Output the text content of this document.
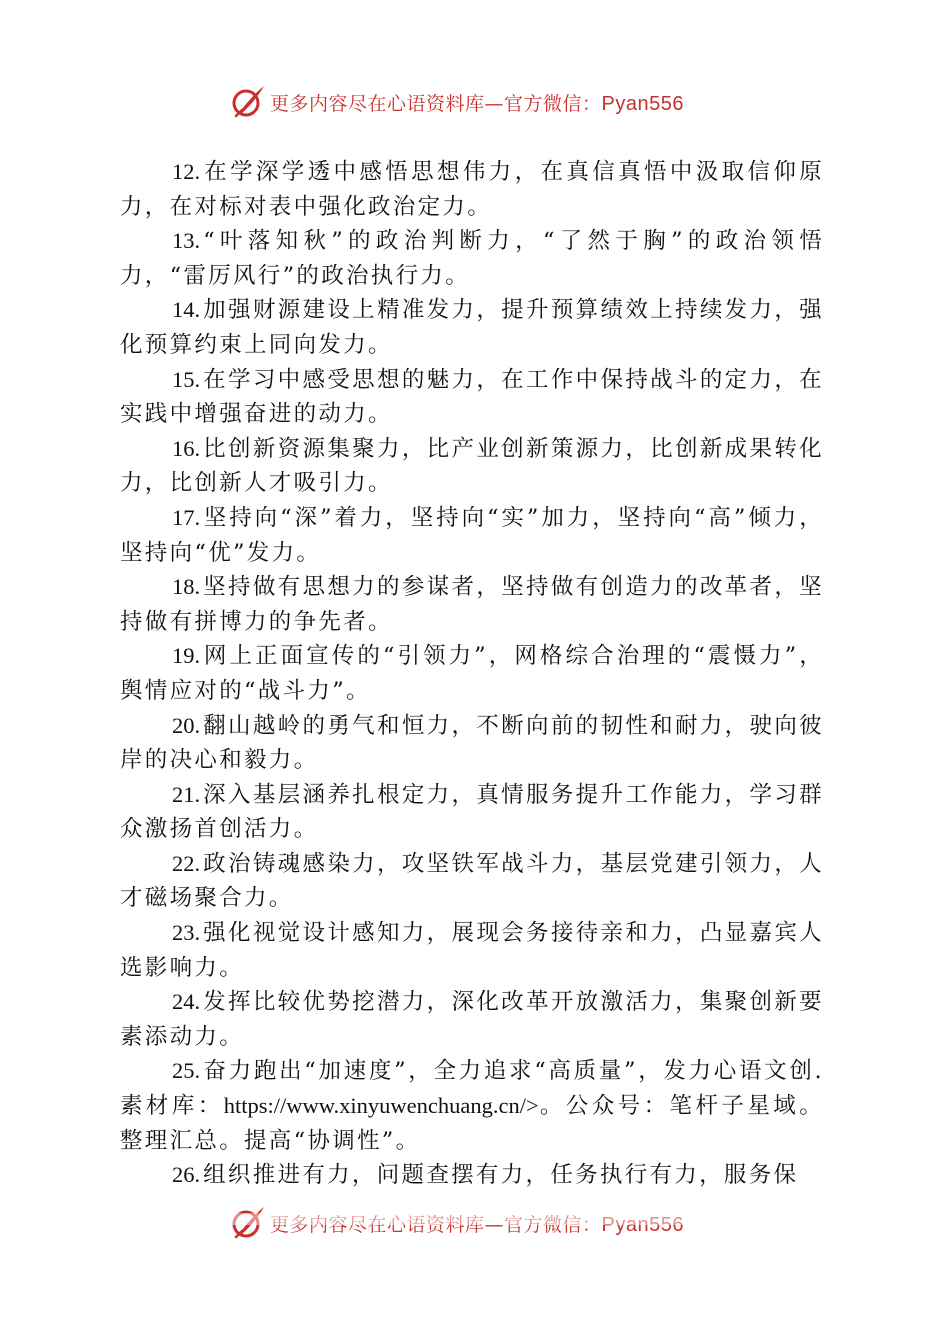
更多内容尽在心语资料库—官方微信：Pyan556

12. 在学深学透中感悟思想伟力，在真信真悟中汲取信仰原力，在对标对表中强化政治定力。

13. “叶落知秋”的政治判断力，“了然于胸”的政治领悟力，“雷厉风行”的政治执行力。

14. 加强财源建设上精准发力，提升预算绩效上持续发力，强化预算约束上同向发力。

15. 在学习中感受思想的魅力，在工作中保持战斗的定力，在实践中增强奋进的动力。

16. 比创新资源集聚力，比产业创新策源力，比创新成果转化力，比创新人才吸引力。

17. 坚持向“深”着力，坚持向“实”加力，坚持向“高”倾力，坚持向“优”发力。

18. 坚持做有思想力的参谋者，坚持做有创造力的改革者，坚持做有拼博力的争先者。

19. 网上正面宣传的“引领力”，网格综合治理的“震慑力”，舆情应对的“战斗力”。

20. 翻山越岭的勇气和恒力，不断向前的韧性和耐力，驶向彼岸的决心和毅力。

21. 深入基层涵养扎根定力，真情服务提升工作能力，学习群众激扬首创活力。

22. 政治铸魂感染力，攻坚铁军战斗力，基层党建引领力，人才磁场聚合力。

23. 强化视觉设计感知力，展现会务接待亲和力，凸显嘉宾人选影响力。

24. 发挥比较优势挖潜力，深化改革开放激活力，集聚创新要素添动力。

25. 奋力跑出“加速度”，全力追求“高质量”，发力心语文创.素材库：https://www.xinyuwenchuang.cn/>。公众号：笔杆子星域。整理汇总。提高“协调性”。

26. 组织推进有力，问题查摆有力，任务执行有力，服务保

更多内容尽在心语资料库—官方微信：Pyan556
